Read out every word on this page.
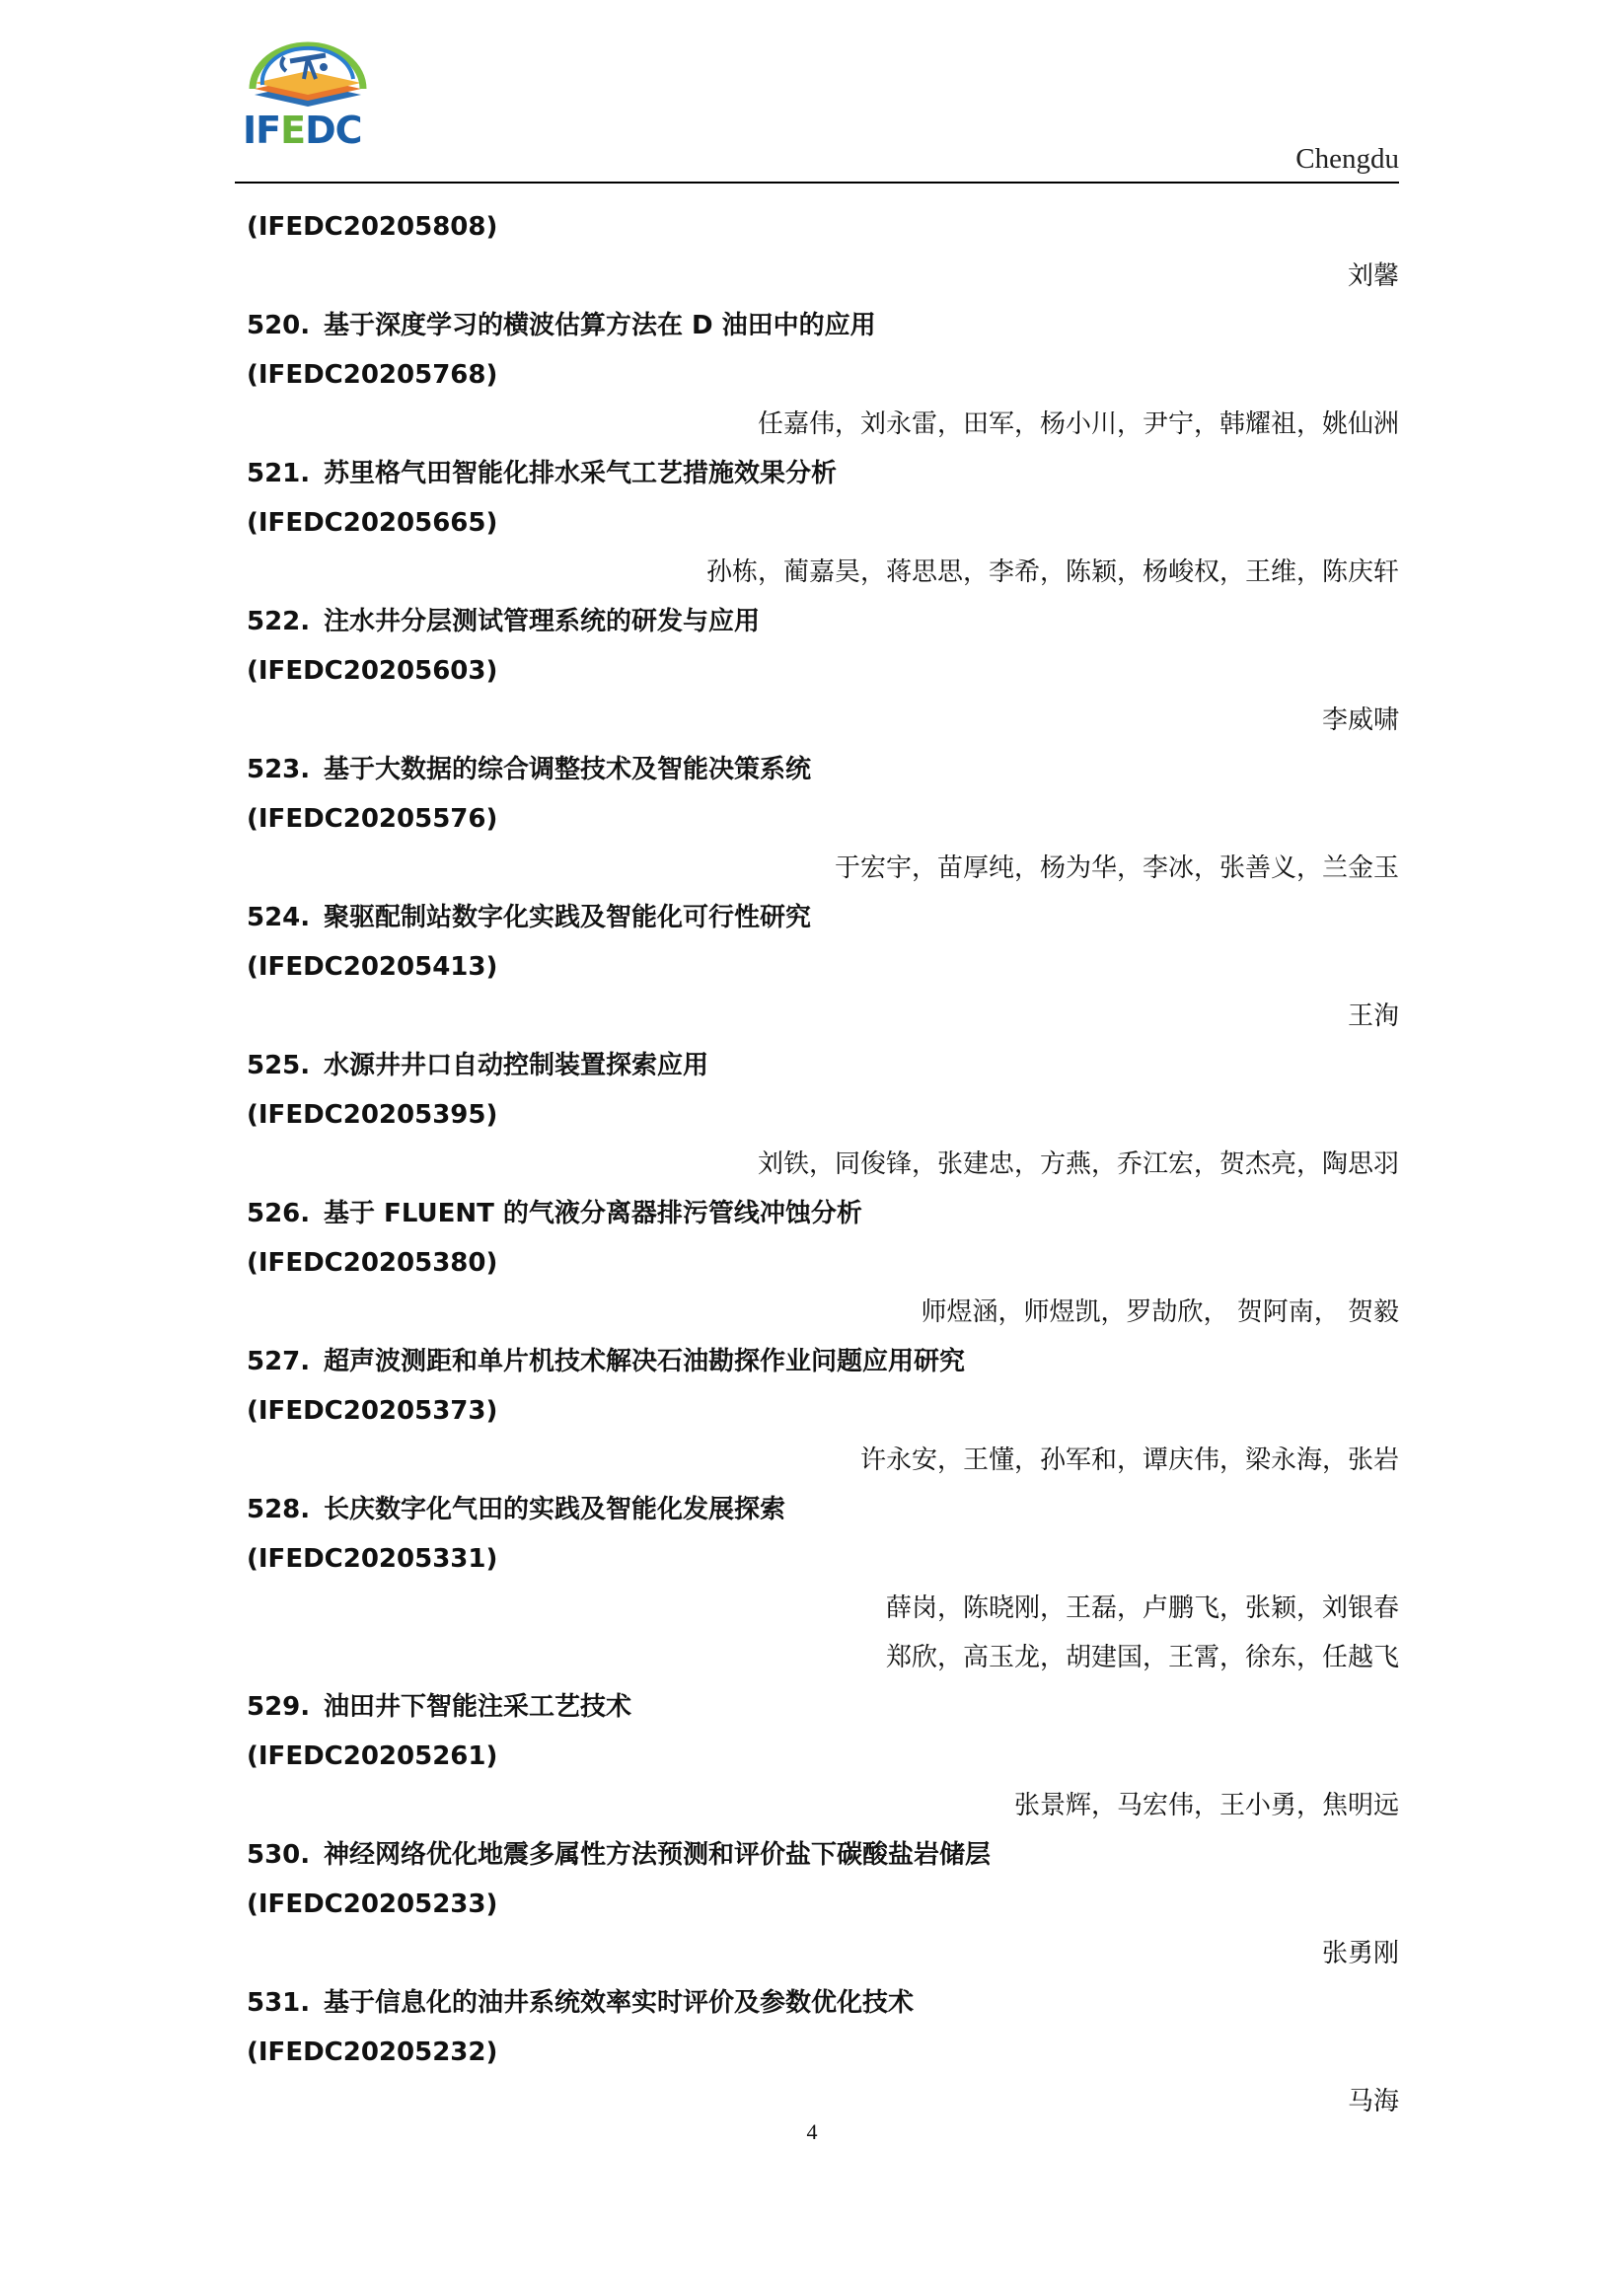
IFEDC
Chengdu
(IFEDC20205808)
刘馨
520. 基于深度学习的横波估算方法在 D 油田中的应用
(IFEDC20205768)
任嘉伟，刘永雷，田军，杨小川，尹宁，韩耀祖，姚仙洲
521. 苏里格气田智能化排水采气工艺措施效果分析
(IFEDC20205665)
孙栋，蔺嘉昊，蒋思思，李希，陈颖，杨峻权，王维，陈庆轩
522. 注水井分层测试管理系统的研发与应用
(IFEDC20205603)
李威啸
523. 基于大数据的综合调整技术及智能决策系统
(IFEDC20205576)
于宏宇，苗厚纯，杨为华，李冰，张善义，兰金玉
524. 聚驱配制站数字化实践及智能化可行性研究
(IFEDC20205413)
王洵
525. 水源井井口自动控制装置探索应用
(IFEDC20205395)
刘铁，同俊锋，张建忠，方燕，乔江宏，贺杰亮，陶思羽
526. 基于 FLUENT 的气液分离器排污管线冲蚀分析
(IFEDC20205380)
师煜涵，师煜凯，罗劼欣， 贺阿南， 贺毅
527. 超声波测距和单片机技术解决石油勘探作业问题应用研究
(IFEDC20205373)
许永安，王懂，孙军和，谭庆伟，梁永海，张岩
528. 长庆数字化气田的实践及智能化发展探索
(IFEDC20205331)
薛岗，陈晓刚，王磊，卢鹏飞，张颖，刘银春
郑欣，高玉龙，胡建国，王霄，徐东，任越飞
529. 油田井下智能注采工艺技术
(IFEDC20205261)
张景辉，马宏伟，王小勇，焦明远
530. 神经网络优化地震多属性方法预测和评价盐下碳酸盐岩储层
(IFEDC20205233)
张勇刚
531. 基于信息化的油井系统效率实时评价及参数优化技术
(IFEDC20205232)
马海
4
